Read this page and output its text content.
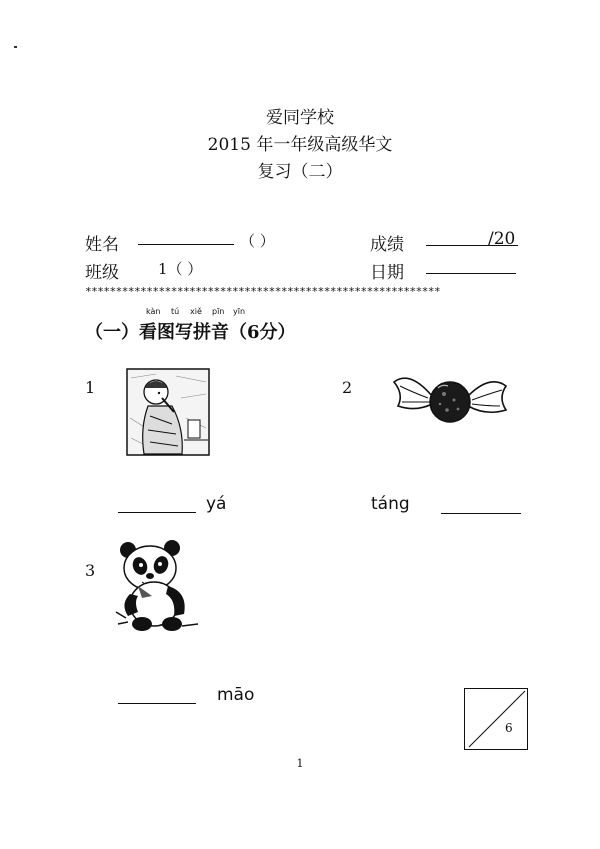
爱同学校
2015 年一年级高级华文
复习（二）
姓名	（ ）	成绩	/20
班级	1（ ）	日期
**********************************************************
kàn tú xiě pīn yīn
（一）看图写拼音（6分）
1
yá
2
táng
3
māo
6
1
